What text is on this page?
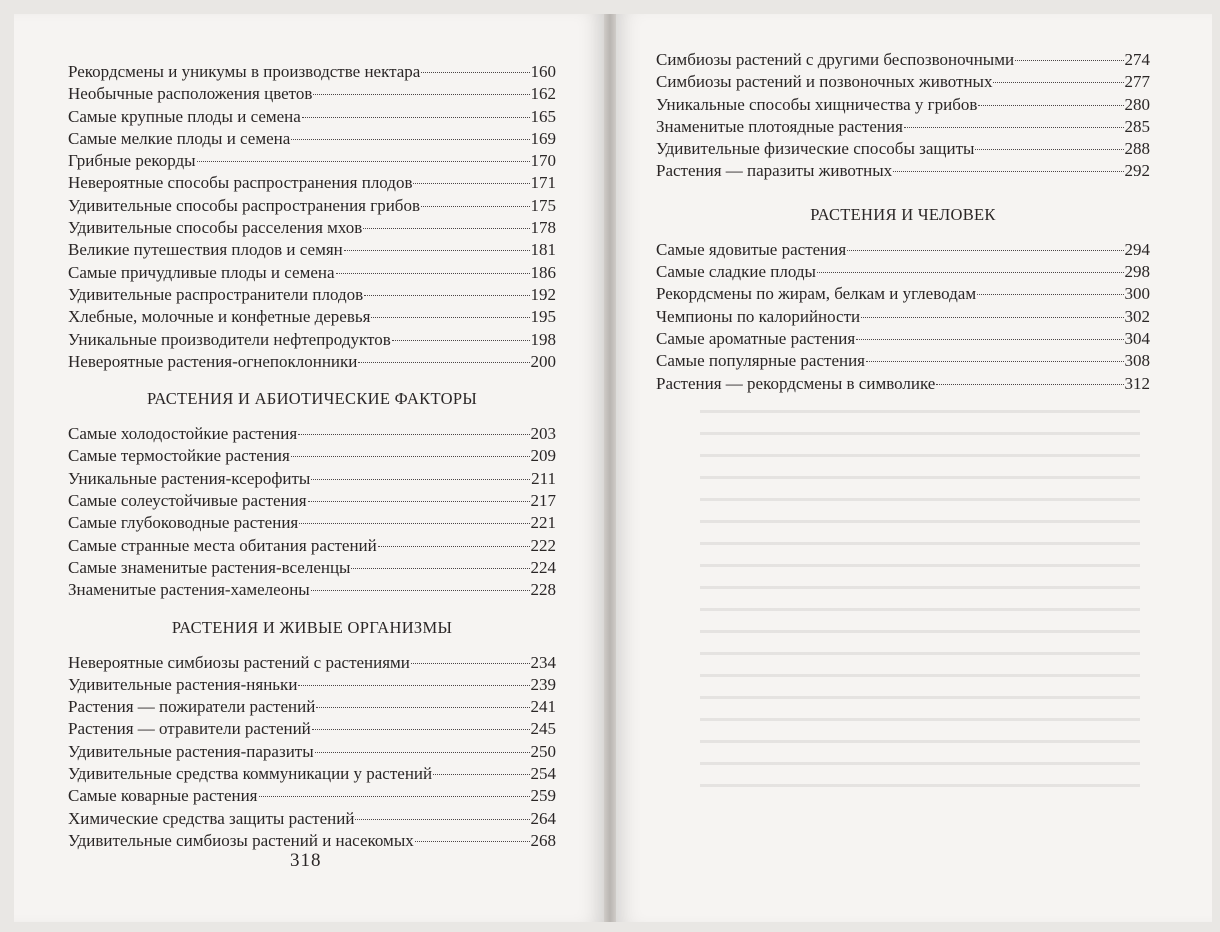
Рекордсмены и уникумы в производстве нектара	160
Необычные расположения цветов	162
Самые крупные плоды и семена	165
Самые мелкие плоды и семена	169
Грибные рекорды	170
Невероятные способы распространения плодов	171
Удивительные способы распространения грибов	175
Удивительные способы расселения мхов	178
Великие путешествия плодов и семян	181
Самые причудливые плоды и семена	186
Удивительные распространители плодов	192
Хлебные, молочные и конфетные деревья	195
Уникальные производители нефтепродуктов	198
Невероятные растения-огнепоклонники	200
РАСТЕНИЯ И АБИОТИЧЕСКИЕ ФАКТОРЫ
Самые холодостойкие растения	203
Самые термостойкие растения	209
Уникальные растения-ксерофиты	211
Самые солеустойчивые растения	217
Самые глубоководные растения	221
Самые странные места обитания растений	222
Самые знаменитые растения-вселенцы	224
Знаменитые растения-хамелеоны	228
РАСТЕНИЯ И ЖИВЫЕ ОРГАНИЗМЫ
Невероятные симбиозы растений с растениями	234
Удивительные растения-няньки	239
Растения — пожиратели растений	241
Растения — отравители растений	245
Удивительные растения-паразиты	250
Удивительные средства коммуникации у растений	254
Самые коварные растения	259
Химические средства защиты растений	264
Удивительные симбиозы растений и насекомых	268
318
Симбиозы растений с другими беспозвоночными	274
Симбиозы растений и позвоночных животных	277
Уникальные способы хищничества у грибов	280
Знаменитые плотоядные растения	285
Удивительные физические способы защиты	288
Растения — паразиты животных	292
РАСТЕНИЯ И ЧЕЛОВЕК
Самые ядовитые растения	294
Самые сладкие плоды	298
Рекордсмены по жирам, белкам и углеводам	300
Чемпионы по калорийности	302
Самые ароматные растения	304
Самые популярные растения	308
Растения — рекордсмены в символике	312
